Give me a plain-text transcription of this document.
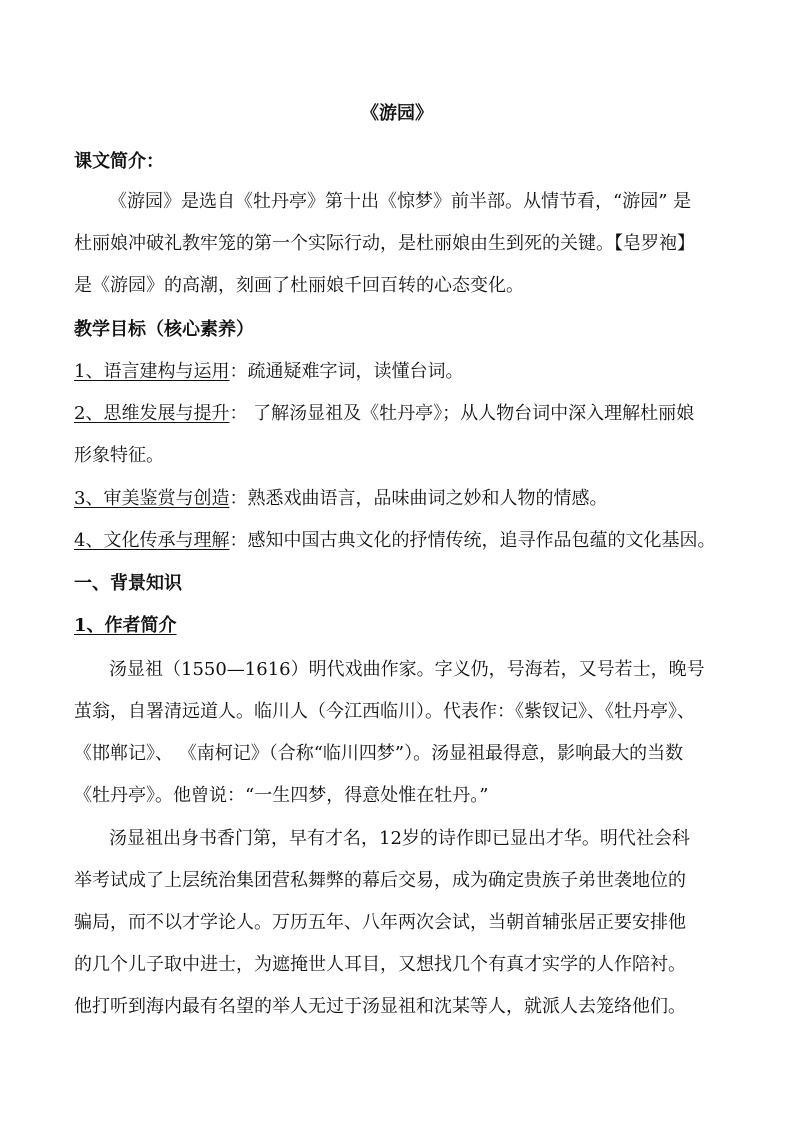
《游园》
课文简介：
《游园》是选自《牡丹亭》第十出《惊梦》前半部。从情节看，“游园” 是
杜丽娘冲破礼教牢笼的第一个实际行动，是杜丽娘由生到死的关键。【皂罗袍】
是《游园》的高潮，刻画了杜丽娘千回百转的心态变化。
教学目标（核心素养）
1、语言建构与运用：疏通疑难字词，读懂台词。
2、思维发展与提升： 了解汤显祖及《牡丹亭》；从人物台词中深入理解杜丽娘
形象特征。
3、审美鉴赏与创造：熟悉戏曲语言，品味曲词之妙和人物的情感。
4、文化传承与理解：感知中国古典文化的抒情传统，追寻作品包蕴的文化基因。
一、背景知识
1、作者简介
汤显祖（1550—1616）明代戏曲作家。字义仍，号海若，又号若士，晚号
茧翁，自署清远道人。临川人（今江西临川）。代表作：《紫钗记》、《牡丹亭》、
《邯郸记》、 《南柯记》（合称“临川四梦”）。汤显祖最得意，影响最大的当数
《牡丹亭》。他曾说：“一生四梦，得意处惟在牡丹。”
汤显祖出身书香门第，早有才名，12岁的诗作即已显出才华。明代社会科
举考试成了上层统治集团营私舞弊的幕后交易，成为确定贵族子弟世袭地位的
骗局，而不以才学论人。万历五年、八年两次会试，当朝首辅张居正要安排他
的几个儿子取中进士，为遮掩世人耳目，又想找几个有真才实学的人作陪衬。
他打听到海内最有名望的举人无过于汤显祖和沈某等人，就派人去笼络他们。
